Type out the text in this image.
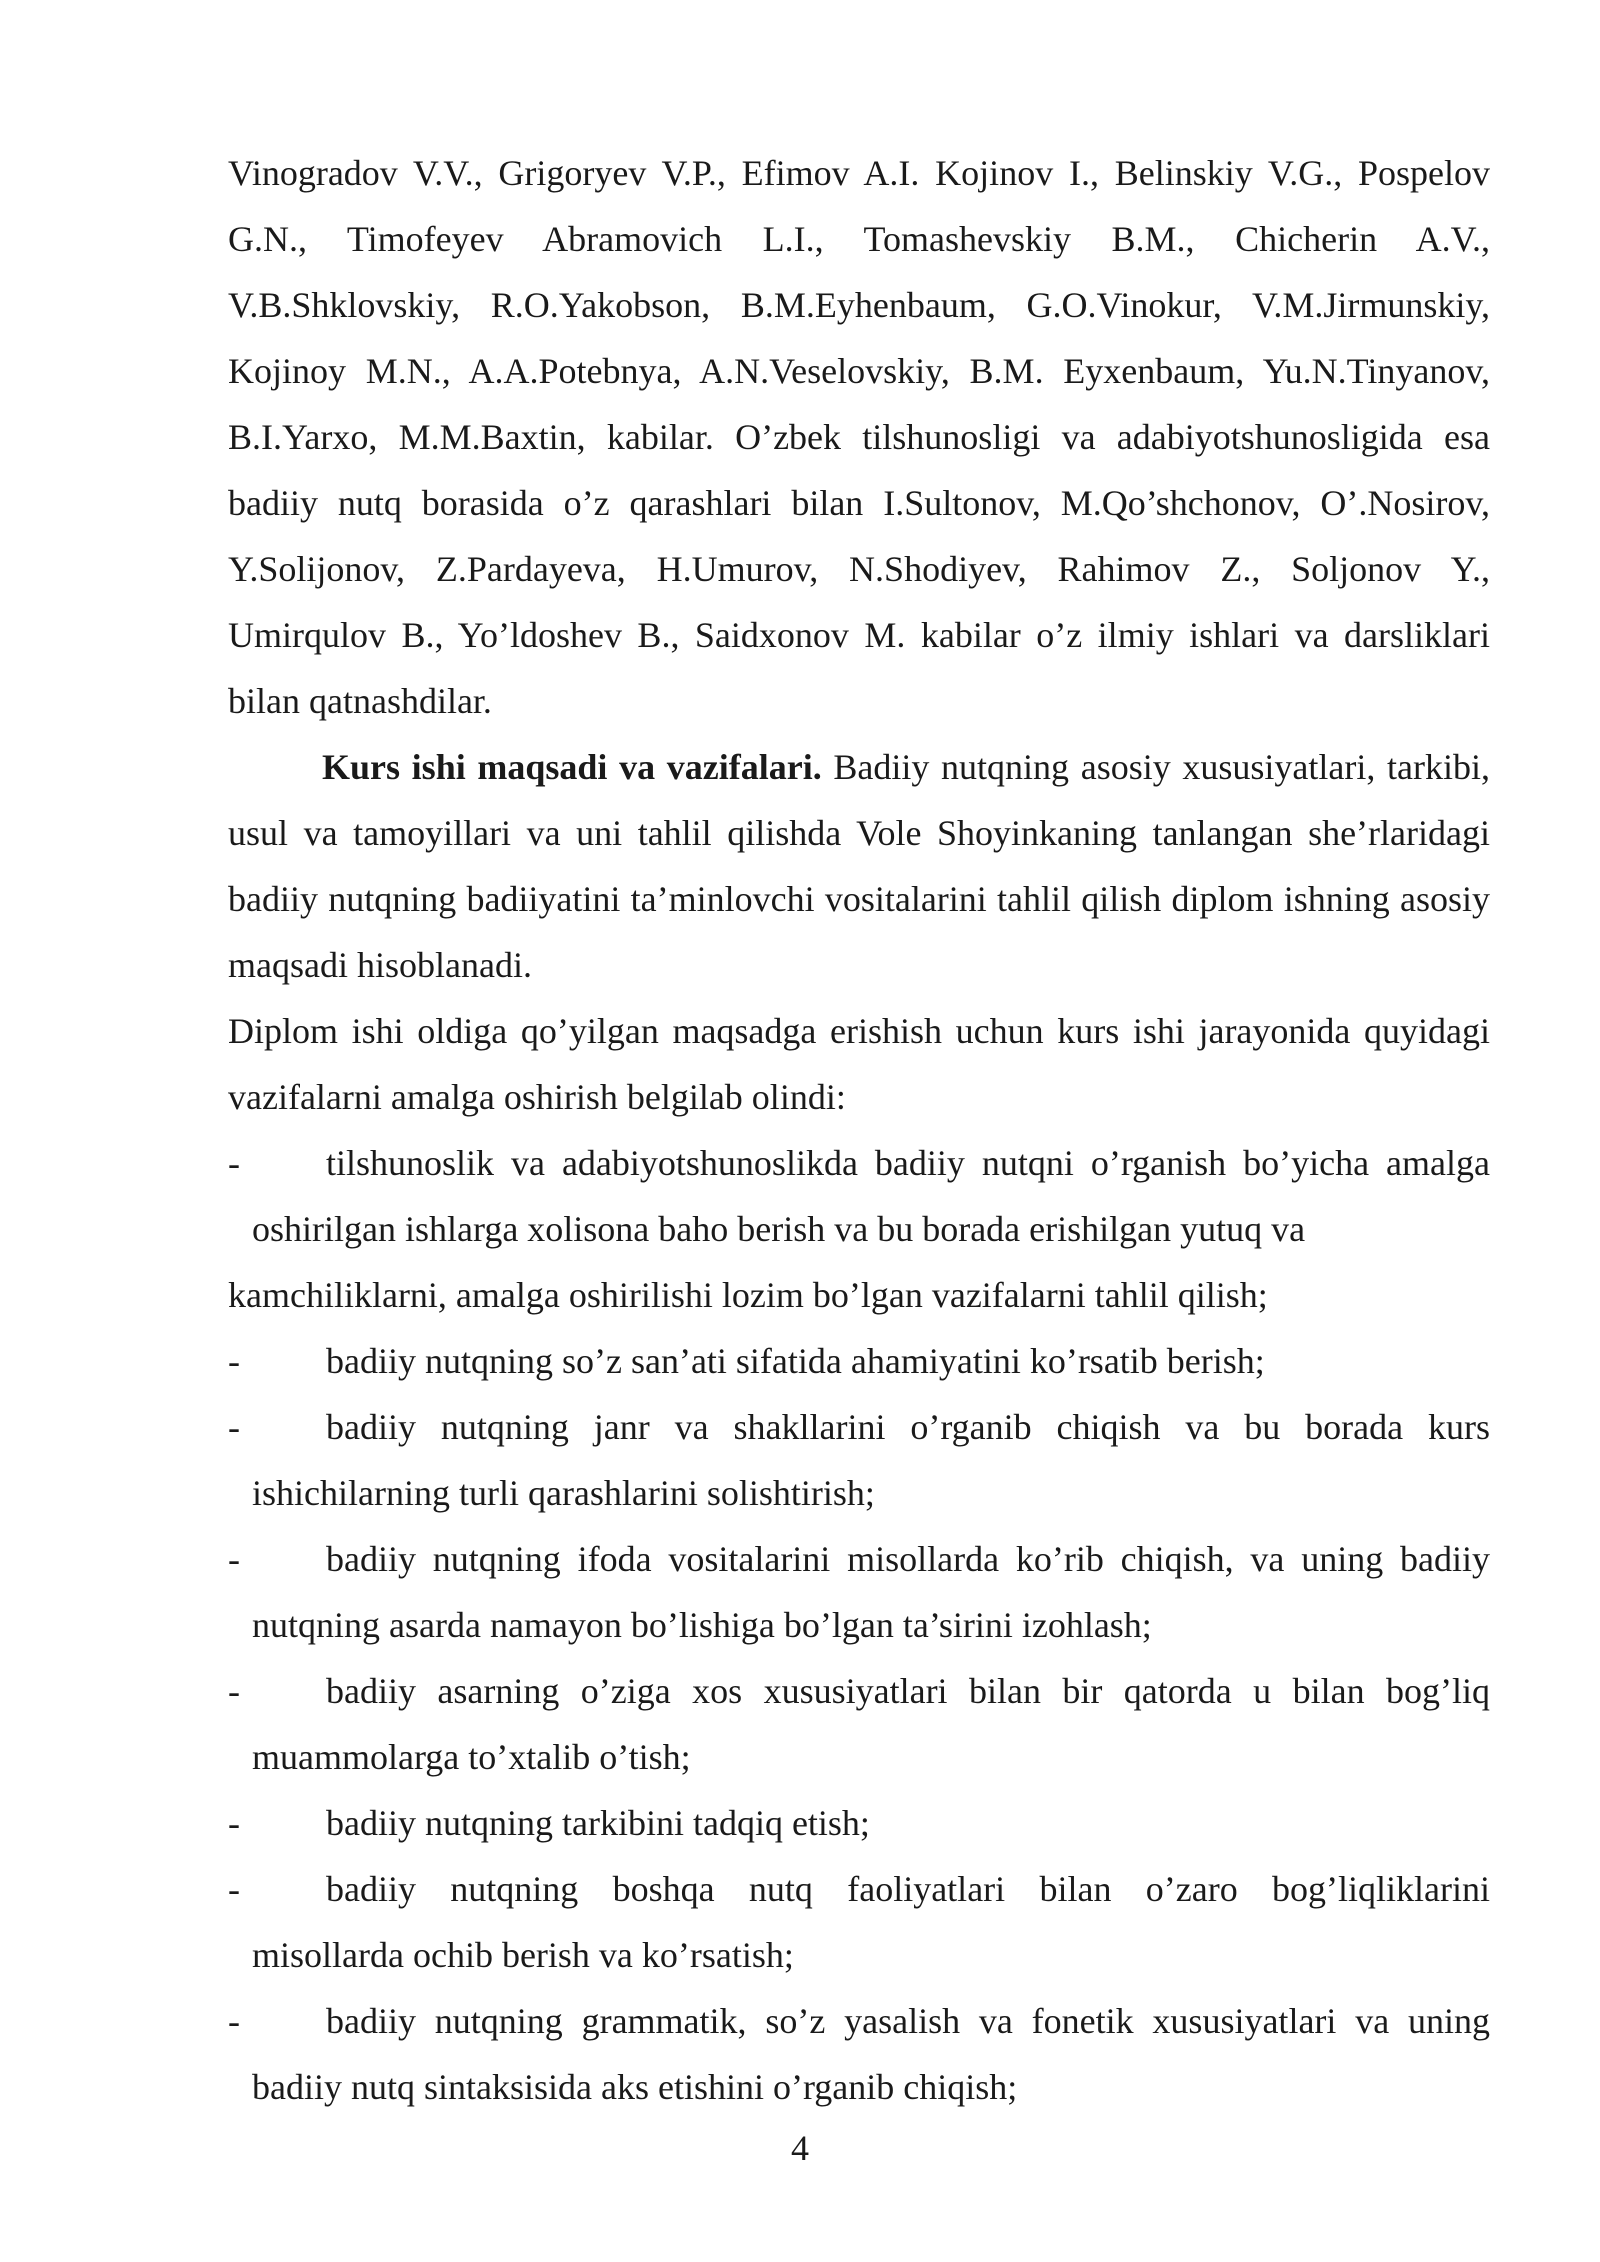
Vinogradov V.V., Grigoryev V.P., Efimov A.I. Kojinov I., Belinskiy V.G., Pospelov G.N., Timofeyev Abramovich L.I., Tomashevskiy B.M., Chicherin A.V., V.B.Shklovskiy, R.O.Yakobson, B.M.Eyhenbaum, G.O.Vinokur, V.M.Jirmunskiy, Kojinoy M.N., A.A.Potebnya, A.N.Veselovskiy, B.M. Eyxenbaum, Yu.N.Tinyanov, B.I.Yarxo, M.M.Baxtin, kabilar. O’zbek tilshunosligi va adabiyotshunosligida esa badiiy nutq borasida o’z qarashlari bilan I.Sultonov, M.Qo’shchonov, O’.Nosirov, Y.Solijonov, Z.Pardayeva, H.Umurov, N.Shodiyev, Rahimov Z., Soljonov Y., Umirqulov B., Yo’ldoshev B., Saidxonov M. kabilar o’z ilmiy ishlari va darsliklari bilan qatnashdilar.

Kurs ishi maqsadi va vazifalari. Badiiy nutqning asosiy xususiyatlari, tarkibi, usul va tamoyillari va uni tahlil qilishda Vole Shoyinkaning tanlangan she’rlaridagi badiiy nutqning badiiyatini ta’minlovchi vositalarini tahlil qilish diplom ishning asosiy maqsadi hisoblanadi.

Diplom ishi oldiga qo’yilgan maqsadga erishish uchun kurs ishi jarayonida quyidagi vazifalarni amalga oshirish belgilab olindi:

- tilshunoslik va adabiyotshunoslikda badiiy nutqni o’rganish bo’yicha amalga
oshirilgan ishlarga xolisona baho berish va bu borada erishilgan yutuq va
kamchiliklarni, amalga oshirilishi lozim bo’lgan vazifalarni tahlil qilish;

- badiiy nutqning so’z san’ati sifatida ahamiyatini ko’rsatib berish;

- badiiy nutqning janr va shakllarini o’rganib chiqish va bu borada kurs
ishichilarning turli qarashlarini solishtirish;

- badiiy nutqning ifoda vositalarini misollarda ko’rib chiqish, va uning badiiy
nutqning asarda namayon bo’lishiga bo’lgan ta’sirini izohlash;

- badiiy asarning o’ziga xos xususiyatlari bilan bir qatorda u bilan bog’liq
muammolarga to’xtalib o’tish;

- badiiy nutqning tarkibini tadqiq etish;

- badiiy nutqning boshqa nutq faoliyatlari bilan o’zaro bog’liqliklarini
misollarda ochib berish va ko’rsatish;

- badiiy nutqning grammatik, so’z yasalish va fonetik xususiyatlari va uning
badiiy nutq sintaksisida aks etishini o’rganib chiqish;

4
